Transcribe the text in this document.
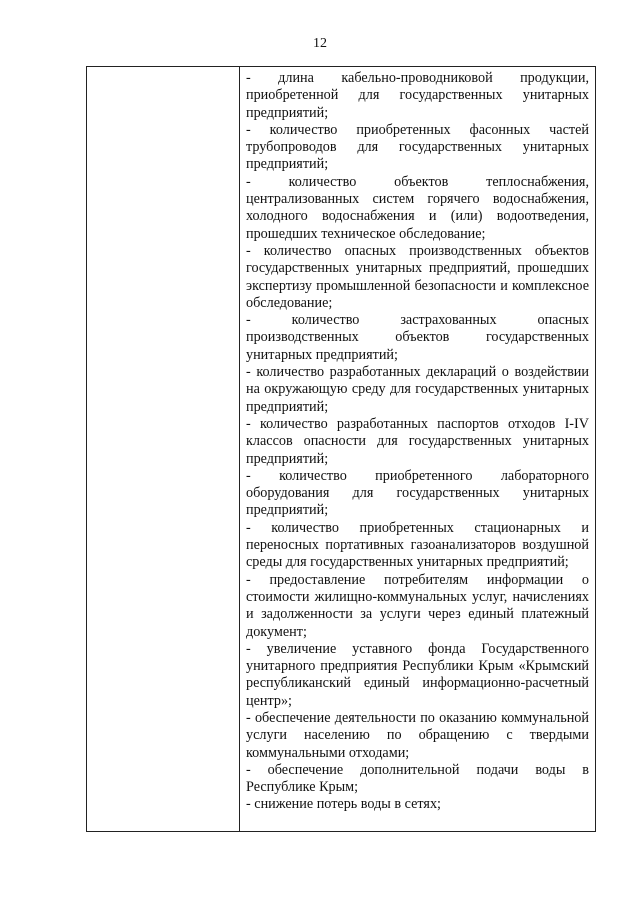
12

- длина кабельно-проводниковой продукции, приобретенной для государственных унитарных предприятий;

- количество приобретенных фасонных частей трубопроводов для государственных унитарных предприятий;

- количество объектов теплоснабжения, централизованных систем горячего водоснабжения, холодного водоснабжения и (или) водоотведения, прошедших техническое обследование;

- количество опасных производственных объектов государственных унитарных предприятий, прошедших экспертизу промышленной безопасности и комплексное обследование;

- количество застрахованных опасных производственных объектов государственных унитарных предприятий;

- количество разработанных деклараций о воздействии на окружающую среду для государственных унитарных предприятий;

- количество разработанных паспортов отходов I-IV классов опасности для государственных унитарных предприятий;

- количество приобретенного лабораторного оборудования для государственных унитарных предприятий;

- количество приобретенных стационарных и переносных портативных газоанализаторов воздушной среды для государственных унитарных предприятий;

- предоставление потребителям информации о стоимости жилищно-коммунальных услуг, начислениях и задолженности за услуги через единый платежный документ;

- увеличение уставного фонда Государственного унитарного предприятия Республики Крым «Крымский республиканский единый информационно-расчетный центр»;

- обеспечение деятельности по оказанию коммунальной услуги населению по обращению с твердыми коммунальными отходами;

- обеспечение дополнительной подачи воды в Республике Крым;

- снижение потерь воды в сетях;
